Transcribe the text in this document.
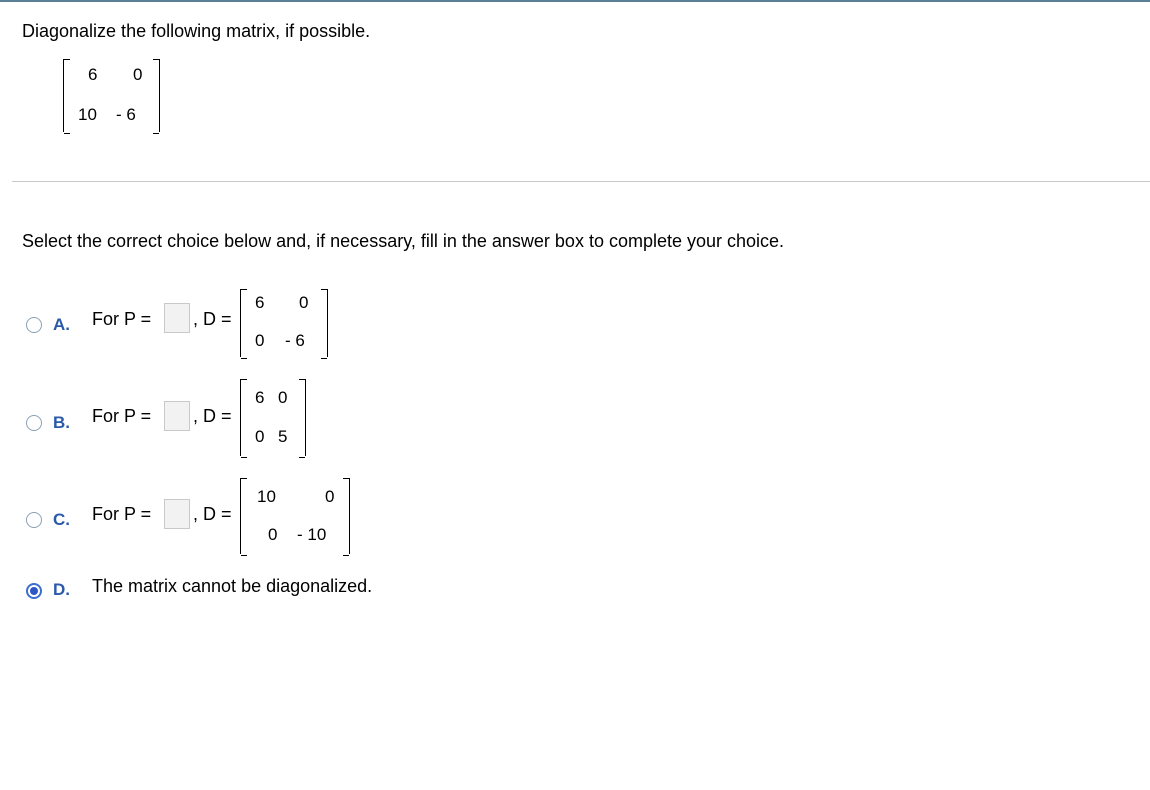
Diagonalize the following matrix, if possible.
6 0
10 - 6
Select the correct choice below and, if necessary, fill in the answer box to complete your choice.
A. For P = , D =
6 0
0 - 6
B. For P = , D =
6 0
0 5
C. For P = , D =
10	0
0 - 10
D. The matrix cannot be diagonalized.
